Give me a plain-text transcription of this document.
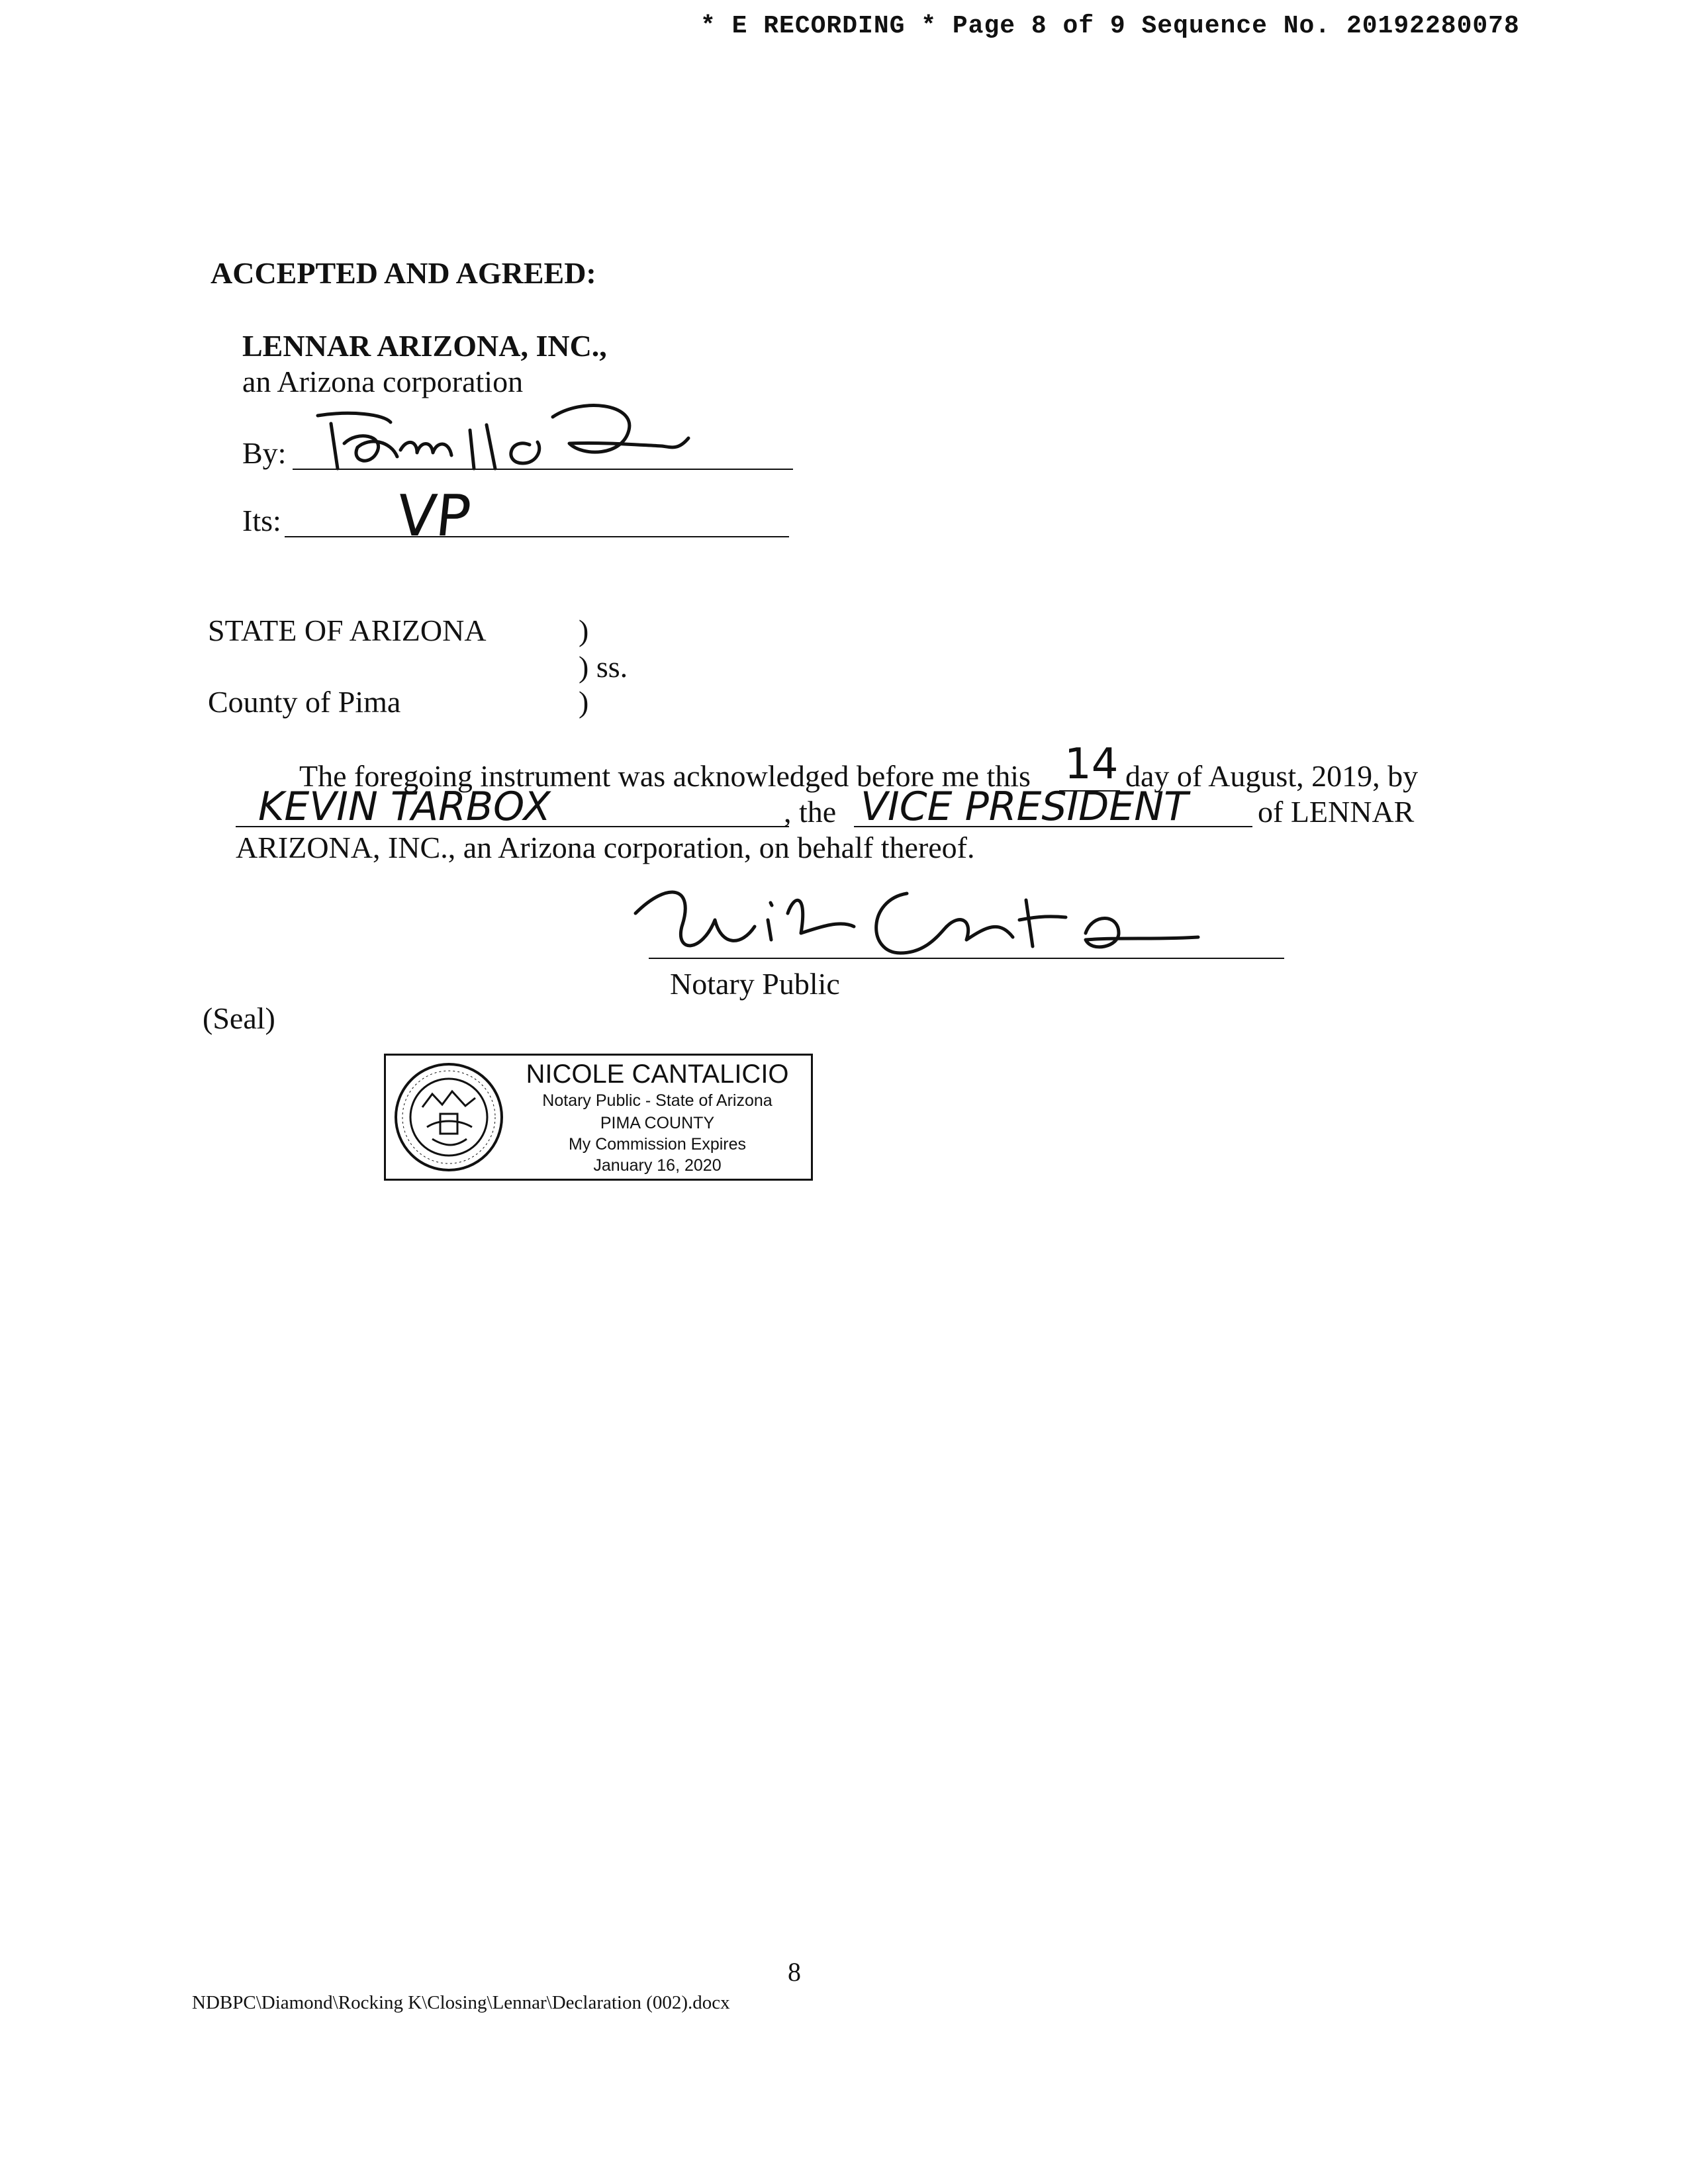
* E RECORDING * Page 8 of 9 Sequence No. 20192280078
ACCEPTED AND AGREED:
LENNAR ARIZONA, INC.,
an Arizona corporation
By:
Its: VP
STATE OF ARIZONA	)
) ss.
County of Pima	)
The foregoing instrument was acknowledged before me this 14 day of August, 2019, by
KEVIN TARBOX	, the VICE PRESIDENT of LENNAR
ARIZONA, INC., an Arizona corporation, on behalf thereof.
Notary Public
(Seal)
NICOLE CANTALICIO
Notary Public - State of Arizona
PIMA COUNTY
My Commission Expires
January 16, 2020
8
NDBPC\Diamond\Rocking K\Closing\Lennar\Declaration (002).docx
